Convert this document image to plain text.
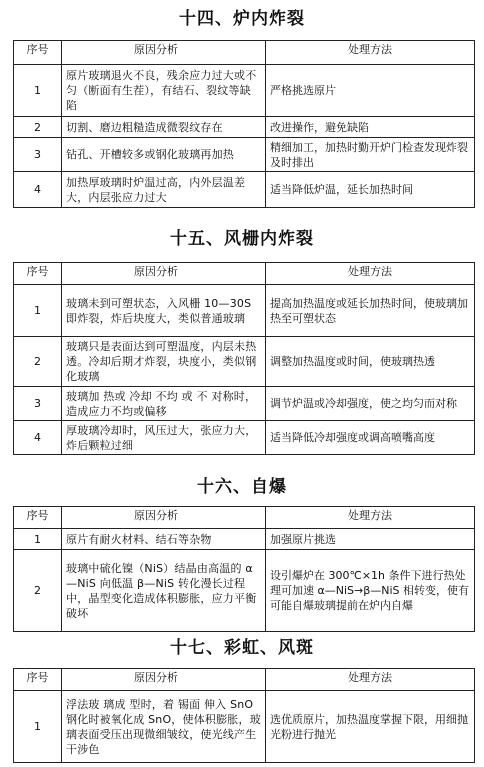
十四、炉内炸裂
序号	原因分析	处理方法
1	原片玻璃退火不良，残余应力过大或不匀（断面有生茬），有结石、裂纹等缺陷	严格挑选原片
2	切割、磨边粗糙造成微裂纹存在	改进操作，避免缺陷
3	钻孔、开槽较多或钢化玻璃再加热	精细加工，加热时勤开炉门检查发现炸裂及时排出
4	加热厚玻璃时炉温过高，内外层温差大，内层张应力过大	适当降低炉温，延长加热时间
十五、风栅内炸裂
序号	原因分析	处理方法
1	玻璃未到可塑状态，入风栅 10—30S 即炸裂，炸后块度大，类似普通玻璃	提高加热温度或延长加热时间，使玻璃加热至可塑状态
2	玻璃只是表面达到可塑温度，内层未热透。冷却后期才炸裂，块度小，类似钢化玻璃	调整加热温度或时间，使玻璃热透
3	玻璃加 热或 冷却 不均 或 不 对称时，造成应力不均或偏移	调节炉温或冷却强度，使之均匀而对称
4	厚玻璃冷却时，风压过大，张应力大，炸后颗粒过细	适当降低冷却强度或调高喷嘴高度
十六、自爆
序号	原因分析	处理方法
1	原片有耐火材料、结石等杂物	加强原片挑选
2	玻璃中硫化镍（NiS）结晶由高温的 α—NiS 向低温 β—NiS 转化漫长过程中，晶型变化造成体积膨胀，应力平衡破坏	设引爆炉在 300℃×1h 条件下进行热处理可加速 α—NiS→β—NiS 相转变，使有可能自爆玻璃提前在炉内自爆
十七、彩虹、风斑
序号	原因分析	处理方法
1	浮法玻 璃成 型时，着 锡面 伸入 SnO 钢化时被氧化成 SnO，使体积膨胀，玻璃表面受压出现微细皱纹，使光线产生干涉色	选优质原片，加热温度掌握下限，用细抛光粉进行抛光
